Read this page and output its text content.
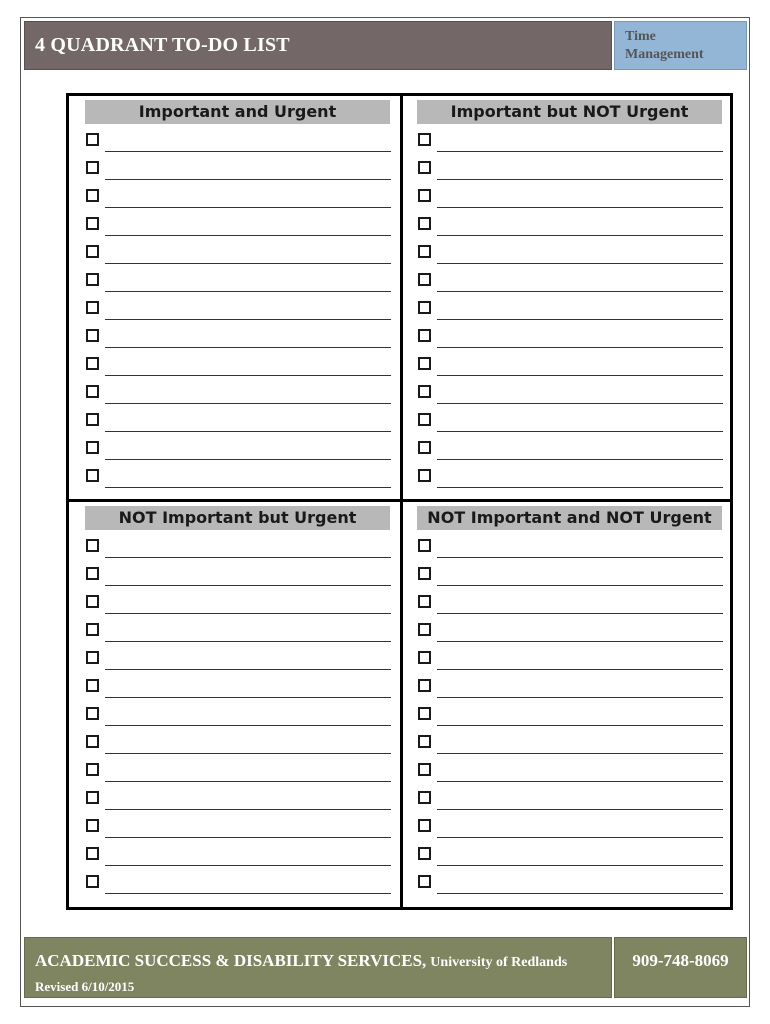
4 QUADRANT TO-DO LIST	Time
Management
Important and Urgent	Important but NOT Urgent
NOT Important but Urgent	NOT Important and NOT Urgent
ACADEMIC SUCCESS & DISABILITY SERVICES, University of Redlands
Revised 6/10/2015
909-748-8069
